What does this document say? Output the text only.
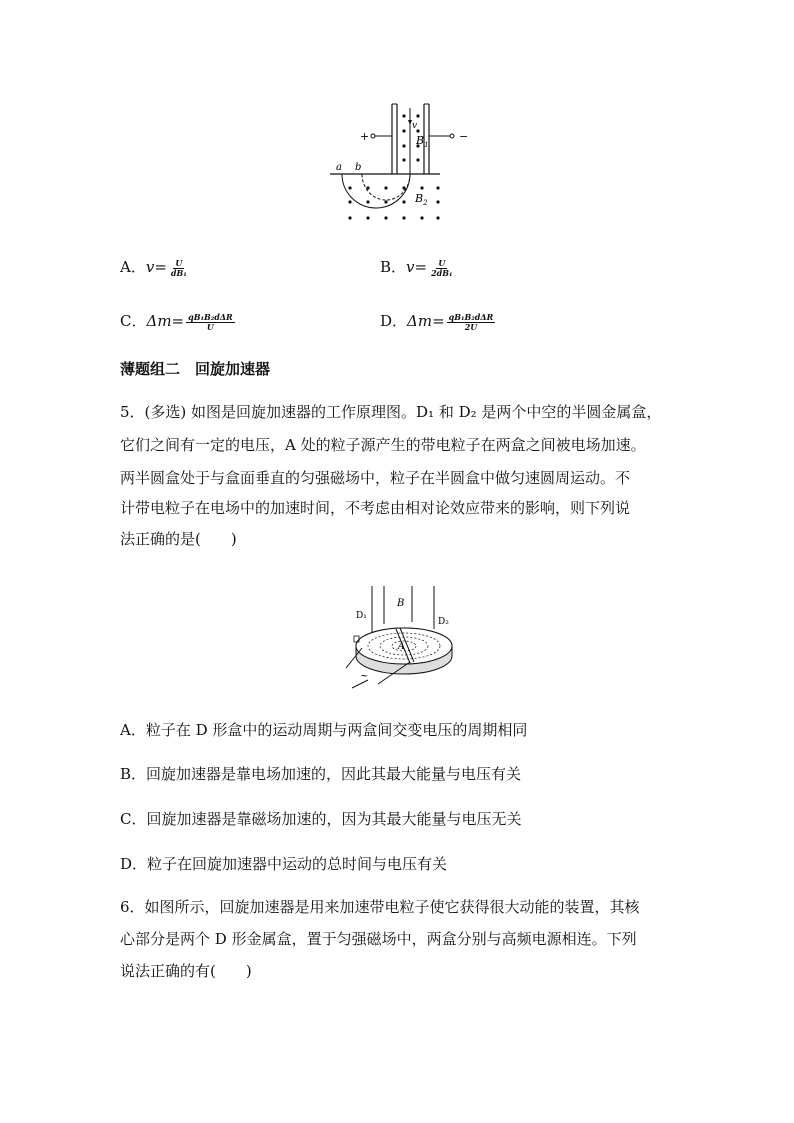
+	−
v
$B_1$
a b
$B_2$
A．$v= \frac{U}{\text{dB₁}}$	B．$v= \frac{U}{\text{2dB₁}}$
C．$\Delta m= \frac{\text{qB₁B₂dΔR}}{U}$	D．$\Delta m= \frac{\text{qB₁B₂dΔR}}{2U}$
薄题组二　回旋加速器
5．(多选) 如图是回旋加速器的工作原理图。D₁ 和 D₂ 是两个中空的半圆金属盒，
它们之间有一定的电压，A 处的粒子源产生的带电粒子在两盒之间被电场加速。
两半圆盒处于与盒面垂直的匀强磁场中，粒子在半圆盒中做匀速圆周运动。不
计带电粒子在电场中的加速时间，不考虑由相对论效应带来的影响，则下列说
法正确的是(　　)
D₁
B
D₂
A
~
A．粒子在 D 形盒中的运动周期与两盒间交变电压的周期相同
B．回旋加速器是靠电场加速的，因此其最大能量与电压有关
C．回旋加速器是靠磁场加速的，因为其最大能量与电压无关
D．粒子在回旋加速器中运动的总时间与电压有关
6．如图所示，回旋加速器是用来加速带电粒子使它获得很大动能的装置，其核
心部分是两个 D 形金属盒，置于匀强磁场中，两盒分别与高频电源相连。下列
说法正确的有(　　)
